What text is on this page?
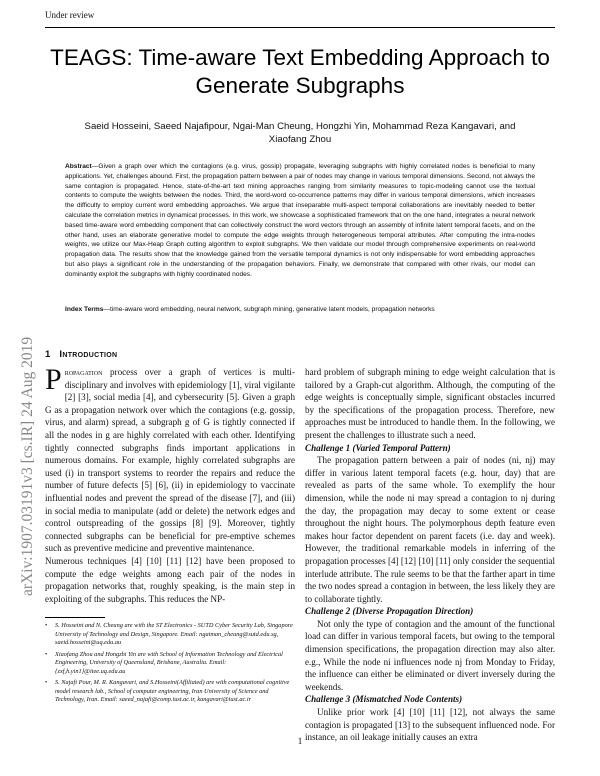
Under review
TEAGS: Time-aware Text Embedding Approach to Generate Subgraphs
Saeid Hosseini, Saeed Najafipour, Ngai-Man Cheung, Hongzhi Yin, Mohammad Reza Kangavari, and Xiaofang Zhou
Abstract—Given a graph over which the contagions (e.g. virus, gossip) propagate, leveraging subgraphs with highly correlated nodes is beneficial to many applications. Yet, challenges abound. First, the propagation pattern between a pair of nodes may change in various temporal dimensions. Second, not always the same contagion is propagated. Hence, state-of-the-art text mining approaches ranging from similarity measures to topic-modeling cannot use the textual contents to compute the weights between the nodes. Third, the word-word co-occurrence patterns may differ in various temporal dimensions, which increases the difficulty to employ current word embedding approaches. We argue that inseparable multi-aspect temporal collaborations are inevitably needed to better calculate the correlation metrics in dynamical processes. In this work, we showcase a sophisticated framework that on the one hand, integrates a neural network based time-aware word embedding component that can collectively construct the word vectors through an assembly of infinite latent temporal facets, and on the other hand, uses an elaborate generative model to compute the edge weights through heterogeneous temporal attributes. After computing the intra-nodes weights, we utilize our Max-Heap Graph cutting algorithm to exploit subgraphs. We then validate our model through comprehensive experiments on real-world propagation data. The results show that the knowledge gained from the versatile temporal dynamics is not only indispensable for word embedding approaches but also plays a significant role in the understanding of the propagation behaviors. Finally, we demonstrate that compared with other rivals, our model can dominantly exploit the subgraphs with highly coordinated nodes.
Index Terms—time-aware word embedding, neural network, subgraph mining, generative latent models, propagation networks
arXiv:1907.03191v3 [cs.IR] 24 Aug 2019 1 Introduction

Propagation process over a graph of vertices is multi-disciplinary and involves with epidemiology [1], viral vigilante [2] [3], social media [4], and cybersecurity [5]. Given a graph G as a propagation network over which the contagions (e.g. gossip, virus, and alarm) spread, a subgraph g of G is tightly connected if all the nodes in g are highly correlated with each other. Identifying tightly connected subgraphs finds important applications in numerous domains. For example, highly correlated subgraphs are used (i) in transport systems to reorder the repairs and reduce the number of future defects [5] [6], (ii) in epidemiology to vaccinate influential nodes and prevent the spread of the disease [7], and (iii) in social media to manipulate (add or delete) the network edges and control outspreading of the gossips [8] [9]. Moreover, tightly connected subgraphs can be beneficial for pre-emptive schemes such as preventive medicine and preventive maintenance.

Numerous techniques [4] [10] [11] [12] have been proposed to compute the edge weights among each pair of the nodes in propagation networks that, roughly speaking, is the main step in exploiting of the subgraphs. This reduces the NP-

• S. Hosseini and N. Cheung are with the ST Electronics - SUTD Cyber Security Lab, Singapore University of Technology and Design, Singapore. Email: ngaiman_cheung@sutd.edu.sg, saeid.hosseini@uq.edu.au
• Xiaofang Zhou and Hongzhi Yin are with School of Information Technology and Electrical Engineering, University of Queensland, Brisbane, Australia. Email: {zxf,h.yin1}@itee.uq.edu.au
• S. Najafi Pour, M. R. Kangavari, and S.Hosseini(Affiliated) are with computational cognitive model research lab., School of computer engineering, Iran University of Science and Technology, Iran. Email: saeed_najafi@comp.iust.ac.ir, kangavari@iust.ac.ir

hard problem of subgraph mining to edge weight calculation that is tailored by a Graph-cut algorithm. Although, the computing of the edge weights is conceptually simple, significant obstacles incurred by the specifications of the propagation process. Therefore, new approaches must be introduced to handle them. In the following, we present the challenges to illustrate such a need.

Challenge 1 (Varied Temporal Pattern)

The propagation pattern between a pair of nodes (ni, nj) may differ in various latent temporal facets (e.g. hour, day) that are revealed as parts of the same whole. To exemplify the hour dimension, while the node ni may spread a contagion to nj during the day, the propagation may decay to some extent or cease throughout the night hours. The polymorphous depth feature even makes hour factor dependent on parent facets (i.e. day and week). However, the traditional remarkable models in inferring of the propagation processes [4] [12] [10] [11] only consider the sequential interlude attribute. The rule seems to be that the farther apart in time the two nodes spread a contagion in between, the less likely they are to collaborate tightly.

Challenge 2 (Diverse Propagation Direction)

Not only the type of contagion and the amount of the functional load can differ in various temporal facets, but owing to the temporal dimension specifications, the propagation direction may also alter. e.g., While the node ni influences node nj from Monday to Friday, the influence can either be eliminated or divert inversely during the weekends.

Challenge 3 (Mismatched Node Contents)

Unlike prior work [4] [10] [11] [12], not always the same contagion is propagated [13] to the subsequent influenced node. For instance, an oil leakage initially causes an extra

1
